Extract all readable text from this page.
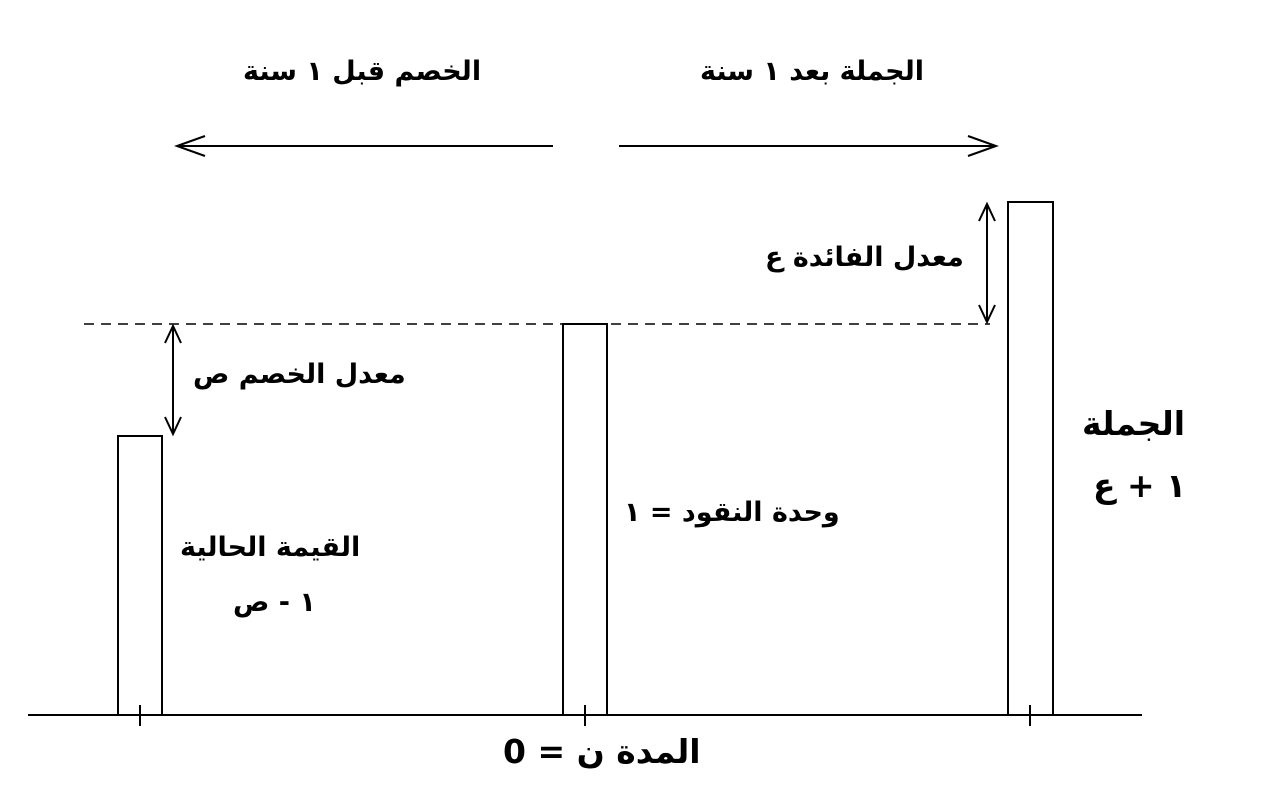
الجملة بعد ١ سنة
الخصم قبل ١ سنة
معدل الفائدة ع
معدل الخصم ص
الجملة
١ + ع
وحدة النقود = ١
القيمة الحالية
١ - ص
المدة ن = 0
